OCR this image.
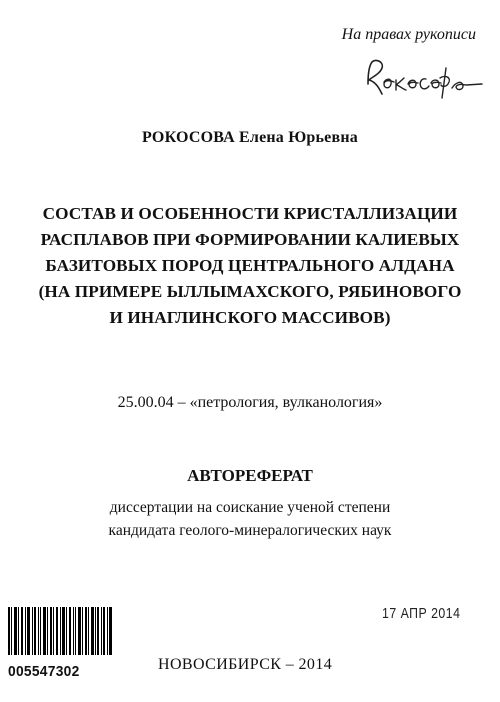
На правах рукописи
РОКОСОВА Елена Юрьевна
СОСТАВ И ОСОБЕННОСТИ КРИСТАЛЛИЗАЦИИ
РАСПЛАВОВ ПРИ ФОРМИРОВАНИИ КАЛИЕВЫХ
БАЗИТОВЫХ ПОРОД ЦЕНТРАЛЬНОГО АЛДАНА
(НА ПРИМЕРЕ ЫЛЛЫМАХСКОГО, РЯБИНОВОГО
И ИНАГЛИНСКОГО МАССИВОВ)
25.00.04 – «петрология, вулканология»
АВТОРЕФЕРАТ
диссертации на соискание ученой степени
кандидата геолого-минералогических наук
17 АПР 2014
005547302	НОВОСИБИРСК – 2014
